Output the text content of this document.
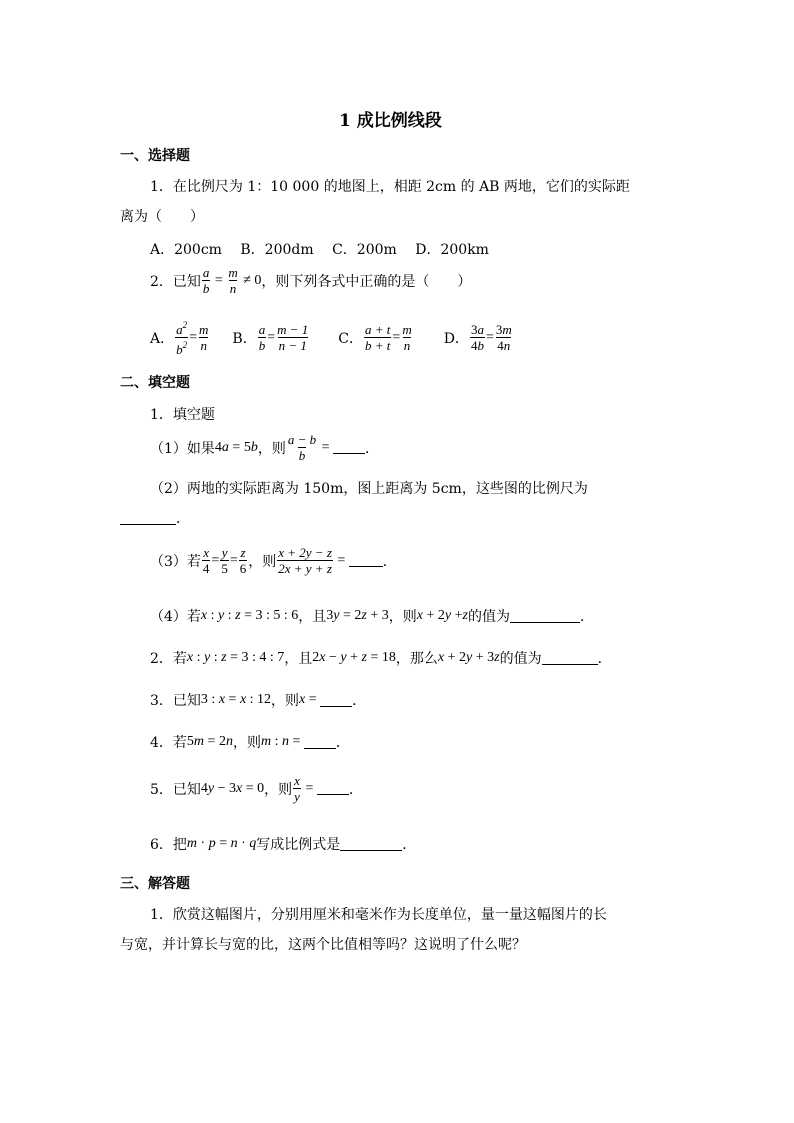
1 成比例线段
一、选择题
1．在比例尺为 1：10 000 的地图上，相距 2cm 的 AB 两地，它们的实际距
离为（　　）
A．200cm　 B．200dm　 C．200m　 D．200km
2．已知 $\frac{a}{b} = \frac{m}{n} \ne 0$ ，则下列各式中正确的是（　　）
A． $\frac{a^2}{b^2} = \frac{m}{n}$ B． $\frac{a}{b} = \frac{m - 1}{n - 1}$ C． $\frac{a + t}{b + t} = \frac{m}{n}$ D． $\frac{3a}{4b} = \frac{3m}{4n}$
二、填空题
1．填空题
（1）如果 4a = 5b ，则 $\frac{a - b}{b}$ = ．
（2）两地的实际距离为 150m，图上距离为 5cm，这些图的比例尺为
．
（3）若 $\frac{x}{4} = \frac{y}{5} = \frac{z}{6}$ ，则 $\frac{x + 2y - z}{2x + y + z}$ = ．
（4）若 x : y : z = 3 : 5 : 6 ，且 3y = 2z + 3 ，则 x + 2y + z 的值为	．
2．若 x : y : z = 3 : 4 : 7 ，且 2x − y + z = 18 ，那么 x + 2y + 3z 的值为	．
3．已知 3 : x = x : 12 ，则 x = ．
4．若 5m = 2n ，则 m : n = ．
5．已知 4y − 3x = 0 ，则 $\frac{x}{y}$ = ．
6．把 m · p = n · q 写成比例式是	．
三、解答题
1．欣赏这幅图片，分别用厘米和毫米作为长度单位，量一量这幅图片的长
与宽，并计算长与宽的比，这两个比值相等吗？这说明了什么呢？
